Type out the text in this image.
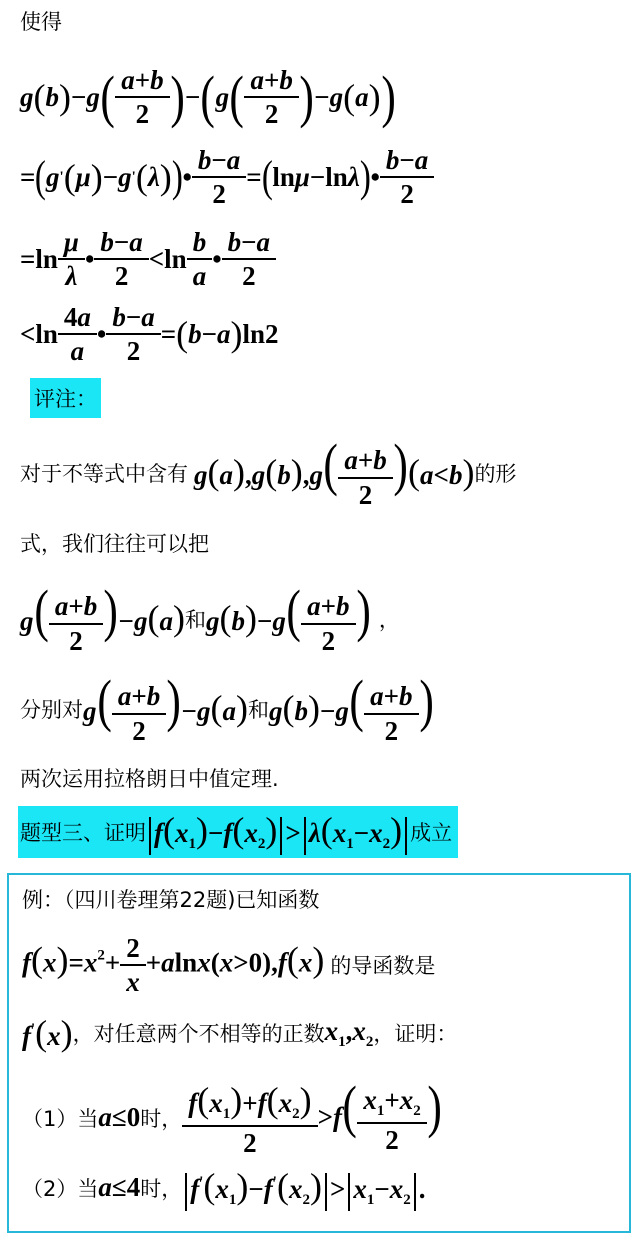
使得
g ( b ) − g ( $\frac{a+b}{2}$ ) − ( g ( $\frac{a+b}{2}$ ) − g ( a ) )
= ( g ' ( μ ) − g ' ( λ ) ) • $\frac{b-a}{2}$ = ( ln μ −ln λ ) • $\frac{b-a}{2}$
$=\ln \frac{\mu}{\lambda}$ • $\frac{b-a}{2} <\ln \frac{b}{a}$ • $\frac{b-a}{2}$
$<\ln \frac{4a}{a}$ • $\frac{b-a}{2}$ = ( b − a ) ln2
评注：
对于不等式中含有 $g(a),g(b),g( \frac{a+b}{2} )(a<b)$ 的形
式，我们往往可以把
$g( \frac{a+b}{2} )-g(a)$ 和 $g(b)-g( \frac{a+b}{2}$ ) ，
分别对 $g( \frac{a+b}{2} )-g(a)$ 和 $g(b)-g( \frac{a+b}{2}$ )
两次运用拉格朗日中值定理.
题型三、证明 $f(x_1)-f(x_2) > \lambda(x_1-x_2)$ 成立
例：（四川卷理第22题)已知函数
$f(x)=x^2+ \frac{2}{x} +alnx(x>0),f(x)$ 的导函数是
f'(x) ，对任意两个不相等的正数 $x_1,x_2$ ，证明：
（1）当 a≤0 时， $\frac{f(x_1)+f(x_2)}{2} >f( \frac{x_1+x_2}{2}$ )
（2）当 a≤4 时， $f'(x_1)-f'(x_2) > x_1-x_2$ .
